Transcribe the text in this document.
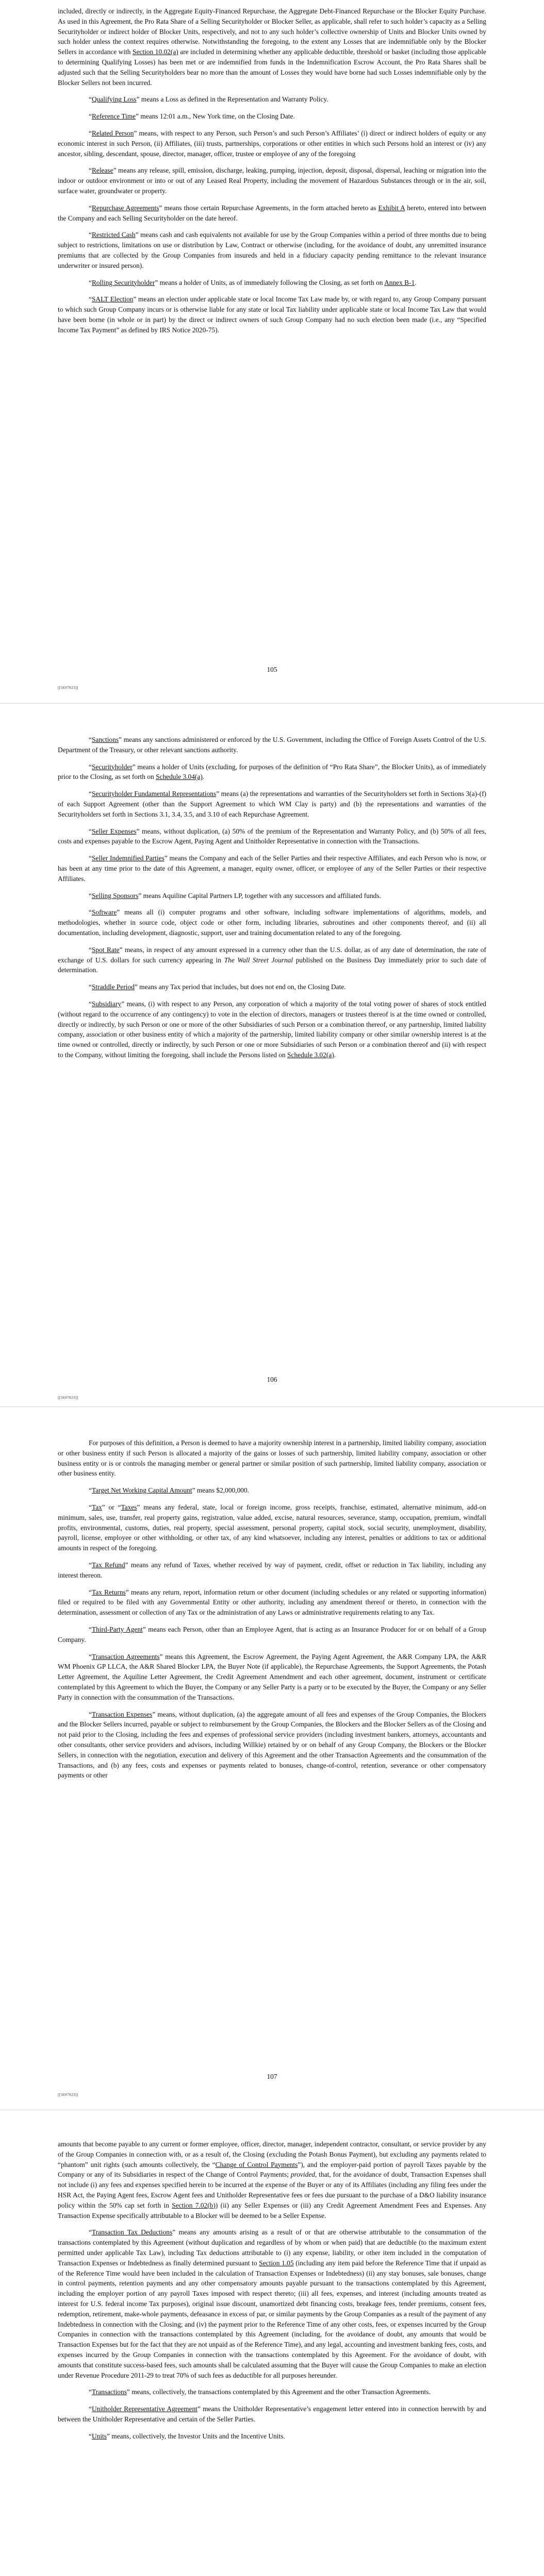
included, directly or indirectly, in the Aggregate Equity-Financed Repurchase, the Aggregate Debt-Financed Repurchase or the Blocker Equity Purchase. As used in this Agreement, the Pro Rata Share of a Selling Securityholder or Blocker Seller, as applicable, shall refer to such holder’s capacity as a Selling Securityholder or indirect holder of Blocker Units, respectively, and not to any such holder’s collective ownership of Units and Blocker Units owned by such holder unless the context requires otherwise. Notwithstanding the foregoing, to the extent any Losses that are indemnifiable only by the Blocker Sellers in accordance with Section 10.02(a) are included in determining whether any applicable deductible, threshold or basket (including those applicable to determining Qualifying Losses) has been met or are indemnified from funds in the Indemnification Escrow Account, the Pro Rata Shares shall be adjusted such that the Selling Securityholders bear no more than the amount of Losses they would have borne had such Losses indemnifiable only by the Blocker Sellers not been incurred.

“Qualifying Loss” means a Loss as defined in the Representation and Warranty Policy.

“Reference Time” means 12:01 a.m., New York time, on the Closing Date.

“Related Person” means, with respect to any Person, such Person’s and such Person’s Affiliates’ (i) direct or indirect holders of equity or any economic interest in such Person, (ii) Affiliates, (iii) trusts, partnerships, corporations or other entities in which such Persons hold an interest or (iv) any ancestor, sibling, descendant, spouse, director, manager, officer, trustee or employee of any of the foregoing

“Release” means any release, spill, emission, discharge, leaking, pumping, injection, deposit, disposal, dispersal, leaching or migration into the indoor or outdoor environment or into or out of any Leased Real Property, including the movement of Hazardous Substances through or in the air, soil, surface water, groundwater or property.

“Repurchase Agreements” means those certain Repurchase Agreements, in the form attached hereto as Exhibit A hereto, entered into between the Company and each Selling Securityholder on the date hereof.

“Restricted Cash” means cash and cash equivalents not available for use by the Group Companies within a period of three months due to being subject to restrictions, limitations on use or distribution by Law, Contract or otherwise (including, for the avoidance of doubt, any unremitted insurance premiums that are collected by the Group Companies from insureds and held in a fiduciary capacity pending remittance to the relevant insurance underwriter or insured person).

“Rolling Securityholder” means a holder of Units, as of immediately following the Closing, as set forth on Annex B-1.

“SALT Election” means an election under applicable state or local Income Tax Law made by, or with regard to, any Group Company pursuant to which such Group Company incurs or is otherwise liable for any state or local Tax liability under applicable state or local Income Tax Law that would have been borne (in whole or in part) by the direct or indirect owners of such Group Company had no such election been made (i.e., any “Specified Income Tax Payment” as defined by IRS Notice 2020-75).

105
[[5697023]]

“Sanctions” means any sanctions administered or enforced by the U.S. Government, including the Office of Foreign Assets Control of the U.S. Department of the Treasury, or other relevant sanctions authority.

“Securityholder” means a holder of Units (excluding, for purposes of the definition of “Pro Rata Share”, the Blocker Units), as of immediately prior to the Closing, as set forth on Schedule 3.04(a).

“Securityholder Fundamental Representations” means (a) the representations and warranties of the Securityholders set forth in Sections 3(a)-(f) of each Support Agreement (other than the Support Agreement to which WM Clay is party) and (b) the representations and warranties of the Securityholders set forth in Sections 3.1, 3.4, 3.5, and 3.10 of each Repurchase Agreement.

“Seller Expenses” means, without duplication, (a) 50% of the premium of the Representation and Warranty Policy, and (b) 50% of all fees, costs and expenses payable to the Escrow Agent, Paying Agent and Unitholder Representative in connection with the Transactions.

“Seller Indemnified Parties” means the Company and each of the Seller Parties and their respective Affiliates, and each Person who is now, or has been at any time prior to the date of this Agreement, a manager, equity owner, officer, or employee of any of the Seller Parties or their respective Affiliates.

“Selling Sponsors” means Aquiline Capital Partners LP, together with any successors and affiliated funds.

“Software” means all (i) computer programs and other software, including software implementations of algorithms, models, and methodologies, whether in source code, object code or other form, including libraries, subroutines and other components thereof, and (ii) all documentation, including development, diagnostic, support, user and training documentation related to any of the foregoing.

“Spot Rate” means, in respect of any amount expressed in a currency other than the U.S. dollar, as of any date of determination, the rate of exchange of U.S. dollars for such currency appearing in The Wall Street Journal published on the Business Day immediately prior to such date of determination.

“Straddle Period” means any Tax period that includes, but does not end on, the Closing Date.

“Subsidiary” means, (i) with respect to any Person, any corporation of which a majority of the total voting power of shares of stock entitled (without regard to the occurrence of any contingency) to vote in the election of directors, managers or trustees thereof is at the time owned or controlled, directly or indirectly, by such Person or one or more of the other Subsidiaries of such Person or a combination thereof, or any partnership, limited liability company, association or other business entity of which a majority of the partnership, limited liability company or other similar ownership interest is at the time owned or controlled, directly or indirectly, by such Person or one or more Subsidiaries of such Person or a combination thereof and (ii) with respect to the Company, without limiting the foregoing, shall include the Persons listed on Schedule 3.02(a).

106
[[5697023]]

For purposes of this definition, a Person is deemed to have a majority ownership interest in a partnership, limited liability company, association or other business entity if such Person is allocated a majority of the gains or losses of such partnership, limited liability company, association or other business entity or is or controls the managing member or general partner or similar position of such partnership, limited liability company, association or other business entity.

“Target Net Working Capital Amount” means $2,000,000.

“Tax” or “Taxes” means any federal, state, local or foreign income, gross receipts, franchise, estimated, alternative minimum, add-on minimum, sales, use, transfer, real property gains, registration, value added, excise, natural resources, severance, stamp, occupation, premium, windfall profits, environmental, customs, duties, real property, special assessment, personal property, capital stock, social security, unemployment, disability, payroll, license, employee or other withholding, or other tax, of any kind whatsoever, including any interest, penalties or additions to tax or additional amounts in respect of the foregoing.

“Tax Refund” means any refund of Taxes, whether received by way of payment, credit, offset or reduction in Tax liability, including any interest thereon.

“Tax Returns” means any return, report, information return or other document (including schedules or any related or supporting information) filed or required to be filed with any Governmental Entity or other authority, including any amendment thereof or thereto, in connection with the determination, assessment or collection of any Tax or the administration of any Laws or administrative requirements relating to any Tax.

“Third-Party Agent” means each Person, other than an Employee Agent, that is acting as an Insurance Producer for or on behalf of a Group Company.

“Transaction Agreements” means this Agreement, the Escrow Agreement, the Paying Agent Agreement, the A&R Company LPA, the A&R WM Phoenix GP LLCA, the A&R Shared Blocker LPA, the Buyer Note (if applicable), the Repurchase Agreements, the Support Agreements, the Potash Letter Agreement, the Aquiline Letter Agreement, the Credit Agreement Amendment and each other agreement, document, instrument or certificate contemplated by this Agreement to which the Buyer, the Company or any Seller Party is a party or to be executed by the Buyer, the Company or any Seller Party in connection with the consummation of the Transactions.

“Transaction Expenses” means, without duplication, (a) the aggregate amount of all fees and expenses of the Group Companies, the Blockers and the Blocker Sellers incurred, payable or subject to reimbursement by the Group Companies, the Blockers and the Blocker Sellers as of the Closing and not paid prior to the Closing, including the fees and expenses of professional service providers (including investment bankers, attorneys, accountants and other consultants, other service providers and advisors, including Willkie) retained by or on behalf of any Group Company, the Blockers or the Blocker Sellers, in connection with the negotiation, execution and delivery of this Agreement and the other Transaction Agreements and the consummation of the Transactions, and (b) any fees, costs and expenses or payments related to bonuses, change-of-control, retention, severance or other compensatory payments or other

107
[[5697023]]

amounts that become payable to any current or former employee, officer, director, manager, independent contractor, consultant, or service provider by any of the Group Companies in connection with, or as a result of, the Closing (excluding the Potash Bonus Payment), but excluding any payments related to “phantom” unit rights (such amounts collectively, the “Change of Control Payments”), and the employer-paid portion of payroll Taxes payable by the Company or any of its Subsidiaries in respect of the Change of Control Payments; provided, that, for the avoidance of doubt, Transaction Expenses shall not include (i) any fees and expenses specified herein to be incurred at the expense of the Buyer or any of its Affiliates (including any filing fees under the HSR Act, the Paying Agent fees, Escrow Agent fees and Unitholder Representative fees or fees due pursuant to the purchase of a D&O liability insurance policy within the 50% cap set forth in Section 7.02(b)) (ii) any Seller Expenses or (iii) any Credit Agreement Amendment Fees and Expenses. Any Transaction Expense specifically attributable to a Blocker will be deemed to be a Seller Expense.

“Transaction Tax Deductions” means any amounts arising as a result of or that are otherwise attributable to the consummation of the transactions contemplated by this Agreement (without duplication and regardless of by whom or when paid) that are deductible (to the maximum extent permitted under applicable Tax Law), including Tax deductions attributable to (i) any expense, liability, or other item included in the computation of Transaction Expenses or Indebtedness as finally determined pursuant to Section 1.05 (including any item paid before the Reference Time that if unpaid as of the Reference Time would have been included in the calculation of Transaction Expenses or Indebtedness) (ii) any stay bonuses, sale bonuses, change in control payments, retention payments and any other compensatory amounts payable pursuant to the transactions contemplated by this Agreement, including the employer portion of any payroll Taxes imposed with respect thereto; (iii) all fees, expenses, and interest (including amounts treated as interest for U.S. federal income Tax purposes), original issue discount, unamortized debt financing costs, breakage fees, tender premiums, consent fees, redemption, retirement, make-whole payments, defeasance in excess of par, or similar payments by the Group Companies as a result of the payment of any Indebtedness in connection with the Closing; and (iv) the payment prior to the Reference Time of any other costs, fees, or expenses incurred by the Group Companies in connection with the transactions contemplated by this Agreement (including, for the avoidance of doubt, any amounts that would be Transaction Expenses but for the fact that they are not unpaid as of the Reference Time), and any legal, accounting and investment banking fees, costs, and expenses incurred by the Group Companies in connection with the transactions contemplated by this Agreement. For the avoidance of doubt, with amounts that constitute success-based fees, such amounts shall be calculated assuming that the Buyer will cause the Group Companies to make an election under Revenue Procedure 2011-29 to treat 70% of such fees as deductible for all purposes hereunder.

“Transactions” means, collectively, the transactions contemplated by this Agreement and the other Transaction Agreements.

“Unitholder Representative Agreement” means the Unitholder Representative’s engagement letter entered into in connection herewith by and between the Unitholder Representative and certain of the Seller Parties.

“Units” means, collectively, the Investor Units and the Incentive Units.
